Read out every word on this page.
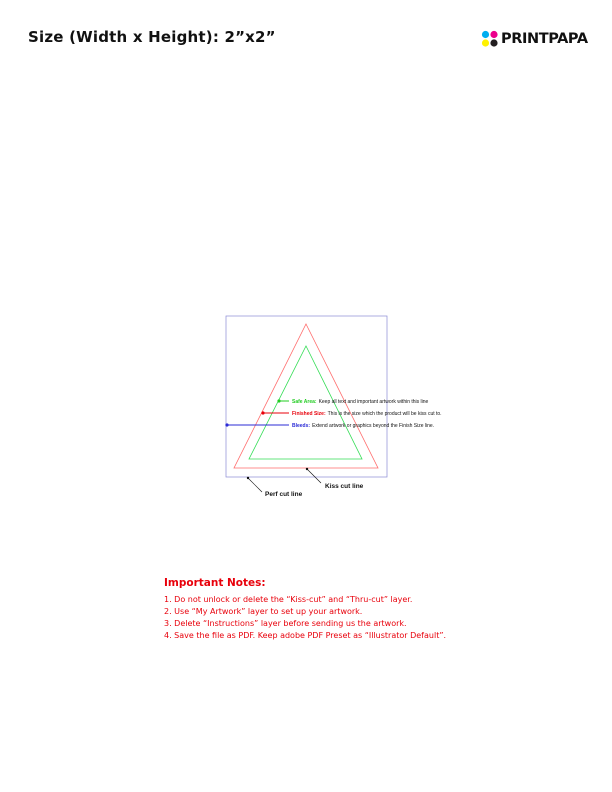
Size (Width x Height): 2”x2”	PRINTPAPA
Safe Area: Keep all text and important artwork within this line
Finished Size: This is the size which the product will be kiss cut to.
Bleeds: Extend artwork or graphics beyond the Finish Size line.
Kiss cut line
Perf cut line
Important Notes:
1. Do not unlock or delete the “Kiss-cut” and “Thru-cut” layer.
2. Use “My Artwork” layer to set up your artwork.
3. Delete “Instructions” layer before sending us the artwork.
4. Save the file as PDF. Keep adobe PDF Preset as “Illustrator Default”.
